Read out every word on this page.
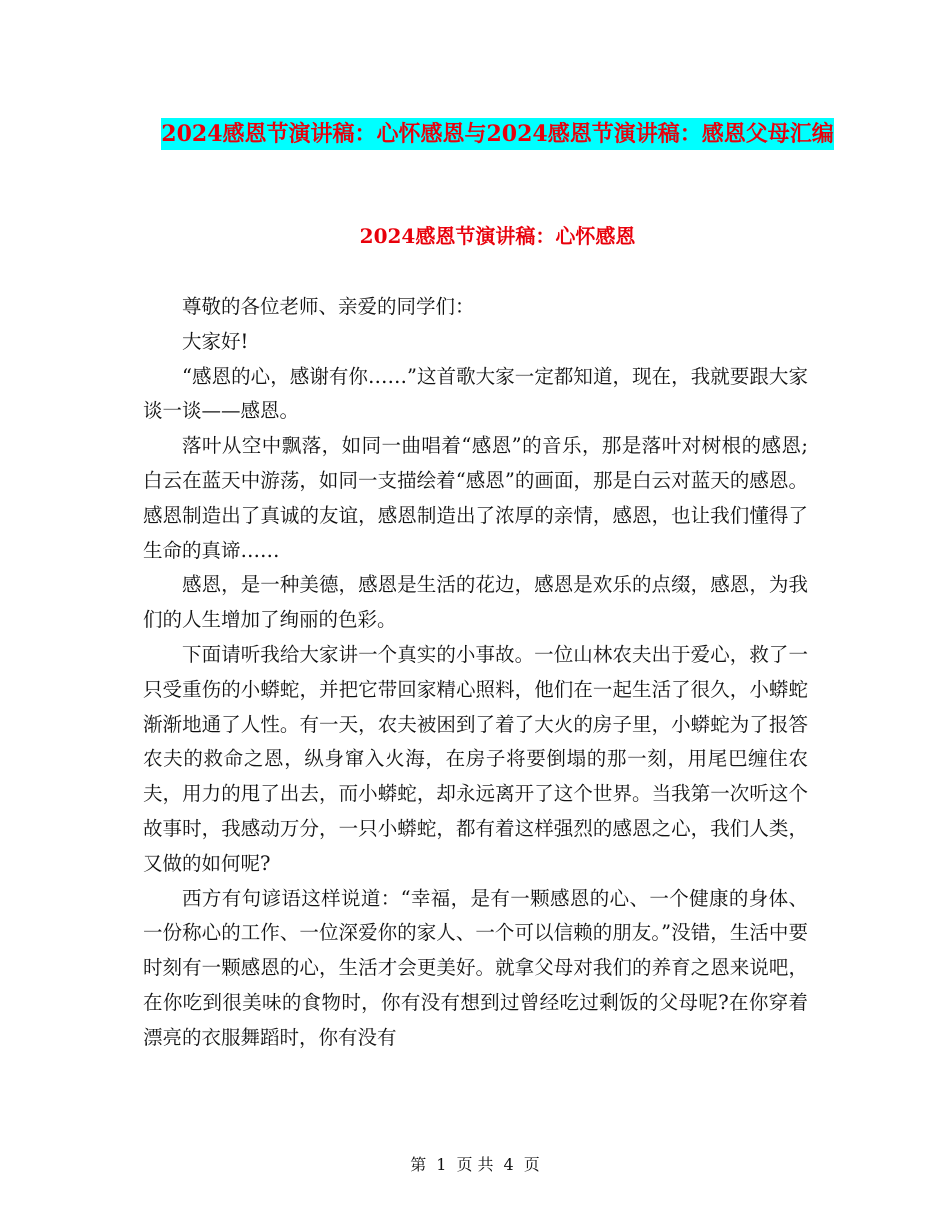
2024感恩节演讲稿：心怀感恩与2024感恩节演讲稿：感恩父母汇编
2024感恩节演讲稿：心怀感恩

尊敬的各位老师、亲爱的同学们：

大家好!

“感恩的心，感谢有你……”这首歌大家一定都知道，现在，我就要跟大家谈一谈——感恩。

落叶从空中飘落，如同一曲唱着“感恩”的音乐，那是落叶对树根的感恩;白云在蓝天中游荡，如同一支描绘着“感恩”的画面，那是白云对蓝天的感恩。感恩制造出了真诚的友谊，感恩制造出了浓厚的亲情，感恩，也让我们懂得了生命的真谛……

感恩，是一种美德，感恩是生活的花边，感恩是欢乐的点缀，感恩，为我们的人生增加了绚丽的色彩。

下面请听我给大家讲一个真实的小事故。一位山林农夫出于爱心，救了一只受重伤的小蟒蛇，并把它带回家精心照料，他们在一起生活了很久，小蟒蛇渐渐地通了人性。有一天，农夫被困到了着了大火的房子里，小蟒蛇为了报答农夫的救命之恩，纵身窜入火海，在房子将要倒塌的那一刻，用尾巴缠住农夫，用力的甩了出去，而小蟒蛇，却永远离开了这个世界。当我第一次听这个故事时，我感动万分，一只小蟒蛇，都有着这样强烈的感恩之心，我们人类，又做的如何呢?

西方有句谚语这样说道：“幸福，是有一颗感恩的心、一个健康的身体、一份称心的工作、一位深爱你的家人、一个可以信赖的朋友。”没错，生活中要时刻有一颗感恩的心，生活才会更美好。就拿父母对我们的养育之恩来说吧，在你吃到很美味的食物时，你有没有想到过曾经吃过剩饭的父母呢?在你穿着漂亮的衣服舞蹈时，你有没有

第 1 页 共 4 页
